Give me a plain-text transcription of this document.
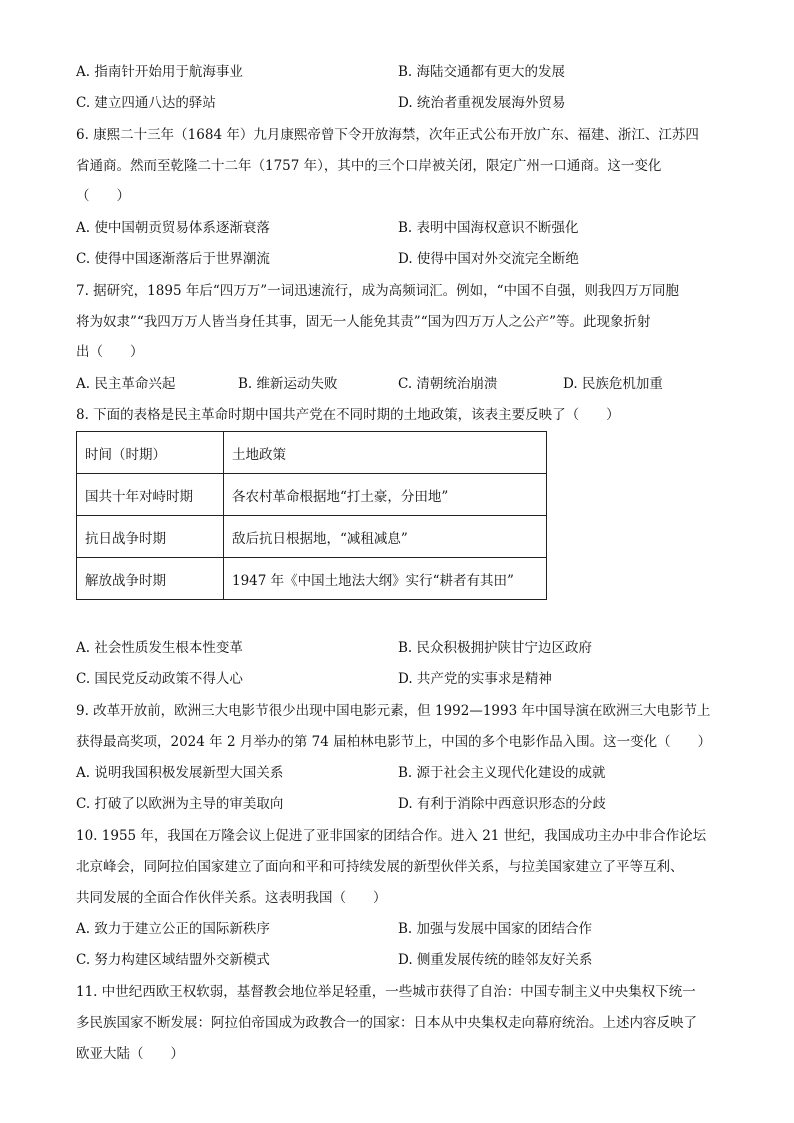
A. 指南针开始用于航海事业	B. 海陆交通都有更大的发展
C. 建立四通八达的驿站	D. 统治者重视发展海外贸易
6. 康熙二十三年（1684 年）九月康熙帝曾下令开放海禁，次年正式公布开放广东、福建、浙江、江苏四
省通商。然而至乾隆二十二年（1757 年），其中的三个口岸被关闭，限定广州一口通商。这一变化
（　　）
A. 使中国朝贡贸易体系逐渐衰落	B. 表明中国海权意识不断强化
C. 使得中国逐渐落后于世界潮流	D. 使得中国对外交流完全断绝
7. 据研究，1895 年后“四万万”一词迅速流行，成为高频词汇。例如，“中国不自强，则我四万万同胞
将为奴隶”“我四万万人皆当身任其事，固无一人能免其责”“国为四万万人之公产”等。此现象折射
出（　　）
A. 民主革命兴起	B. 维新运动失败	C. 清朝统治崩溃	D. 民族危机加重
8. 下面的表格是民主革命时期中国共产党在不同时期的土地政策，该表主要反映了（　　）
时间（时期）	土地政策
国共十年对峙时期	各农村革命根据地“打土豪，分田地”
抗日战争时期	敌后抗日根据地，“减租减息”
解放战争时期	1947 年《中国土地法大纲》实行“耕者有其田”
A. 社会性质发生根本性变革	B. 民众积极拥护陕甘宁边区政府
C. 国民党反动政策不得人心	D. 共产党的实事求是精神
9. 改革开放前，欧洲三大电影节很少出现中国电影元素，但 1992—1993 年中国导演在欧洲三大电影节上
获得最高奖项，2024 年 2 月举办的第 74 届柏林电影节上，中国的多个电影作品入围。这一变化（　　）
A. 说明我国积极发展新型大国关系	B. 源于社会主义现代化建设的成就
C. 打破了以欧洲为主导的审美取向	D. 有利于消除中西意识形态的分歧
10. 1955 年，我国在万隆会议上促进了亚非国家的团结合作。进入 21 世纪，我国成功主办中非合作论坛
北京峰会，同阿拉伯国家建立了面向和平和可持续发展的新型伙伴关系，与拉美国家建立了平等互利、
共同发展的全面合作伙伴关系。这表明我国（　　）
A. 致力于建立公正的国际新秩序	B. 加强与发展中国家的团结合作
C. 努力构建区域结盟外交新模式	D. 侧重发展传统的睦邻友好关系
11. 中世纪西欧王权软弱，基督教会地位举足轻重，一些城市获得了自治：中国专制主义中央集权下统一
多民族国家不断发展：阿拉伯帝国成为政教合一的国家：日本从中央集权走向幕府统治。上述内容反映了
欧亚大陆（　　）
